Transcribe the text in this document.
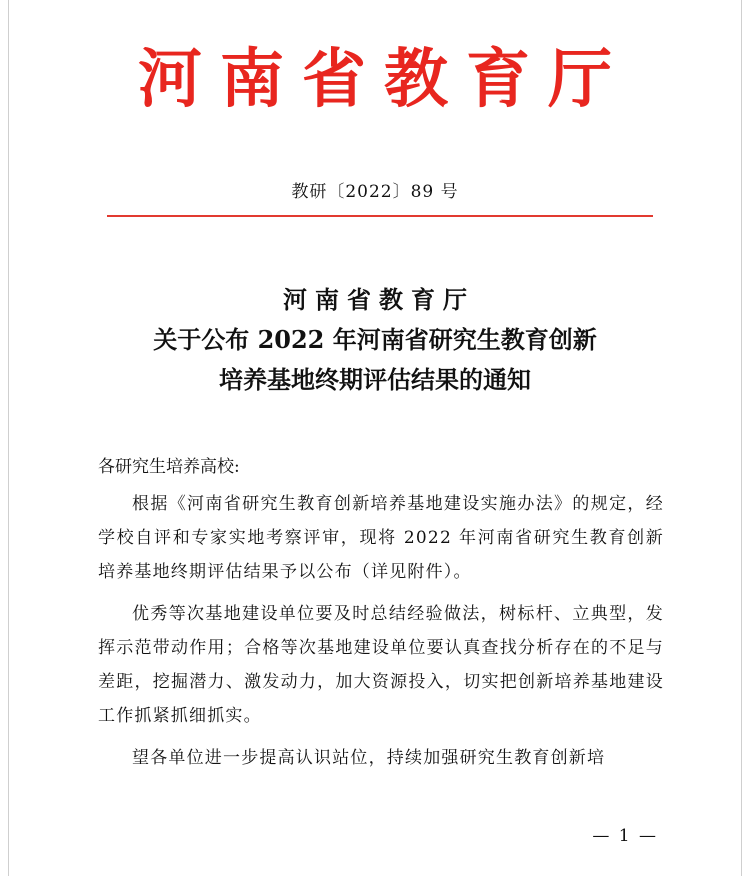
河南省教育厅
教研〔2022〕89 号
河南省教育厅
关于公布 2022 年河南省研究生教育创新
培养基地终期评估结果的通知
各研究生培养高校:

根据《河南省研究生教育创新培养基地建设实施办法》的规定，经学校自评和专家实地考察评审，现将 2022 年河南省研究生教育创新培养基地终期评估结果予以公布（详见附件）。

优秀等次基地建设单位要及时总结经验做法，树标杆、立典型，发挥示范带动作用；合格等次基地建设单位要认真查找分析存在的不足与差距，挖掘潜力、激发动力，加大资源投入，切实把创新培养基地建设工作抓紧抓细抓实。

望各单位进一步提高认识站位，持续加强研究生教育创新培

— 1 —
